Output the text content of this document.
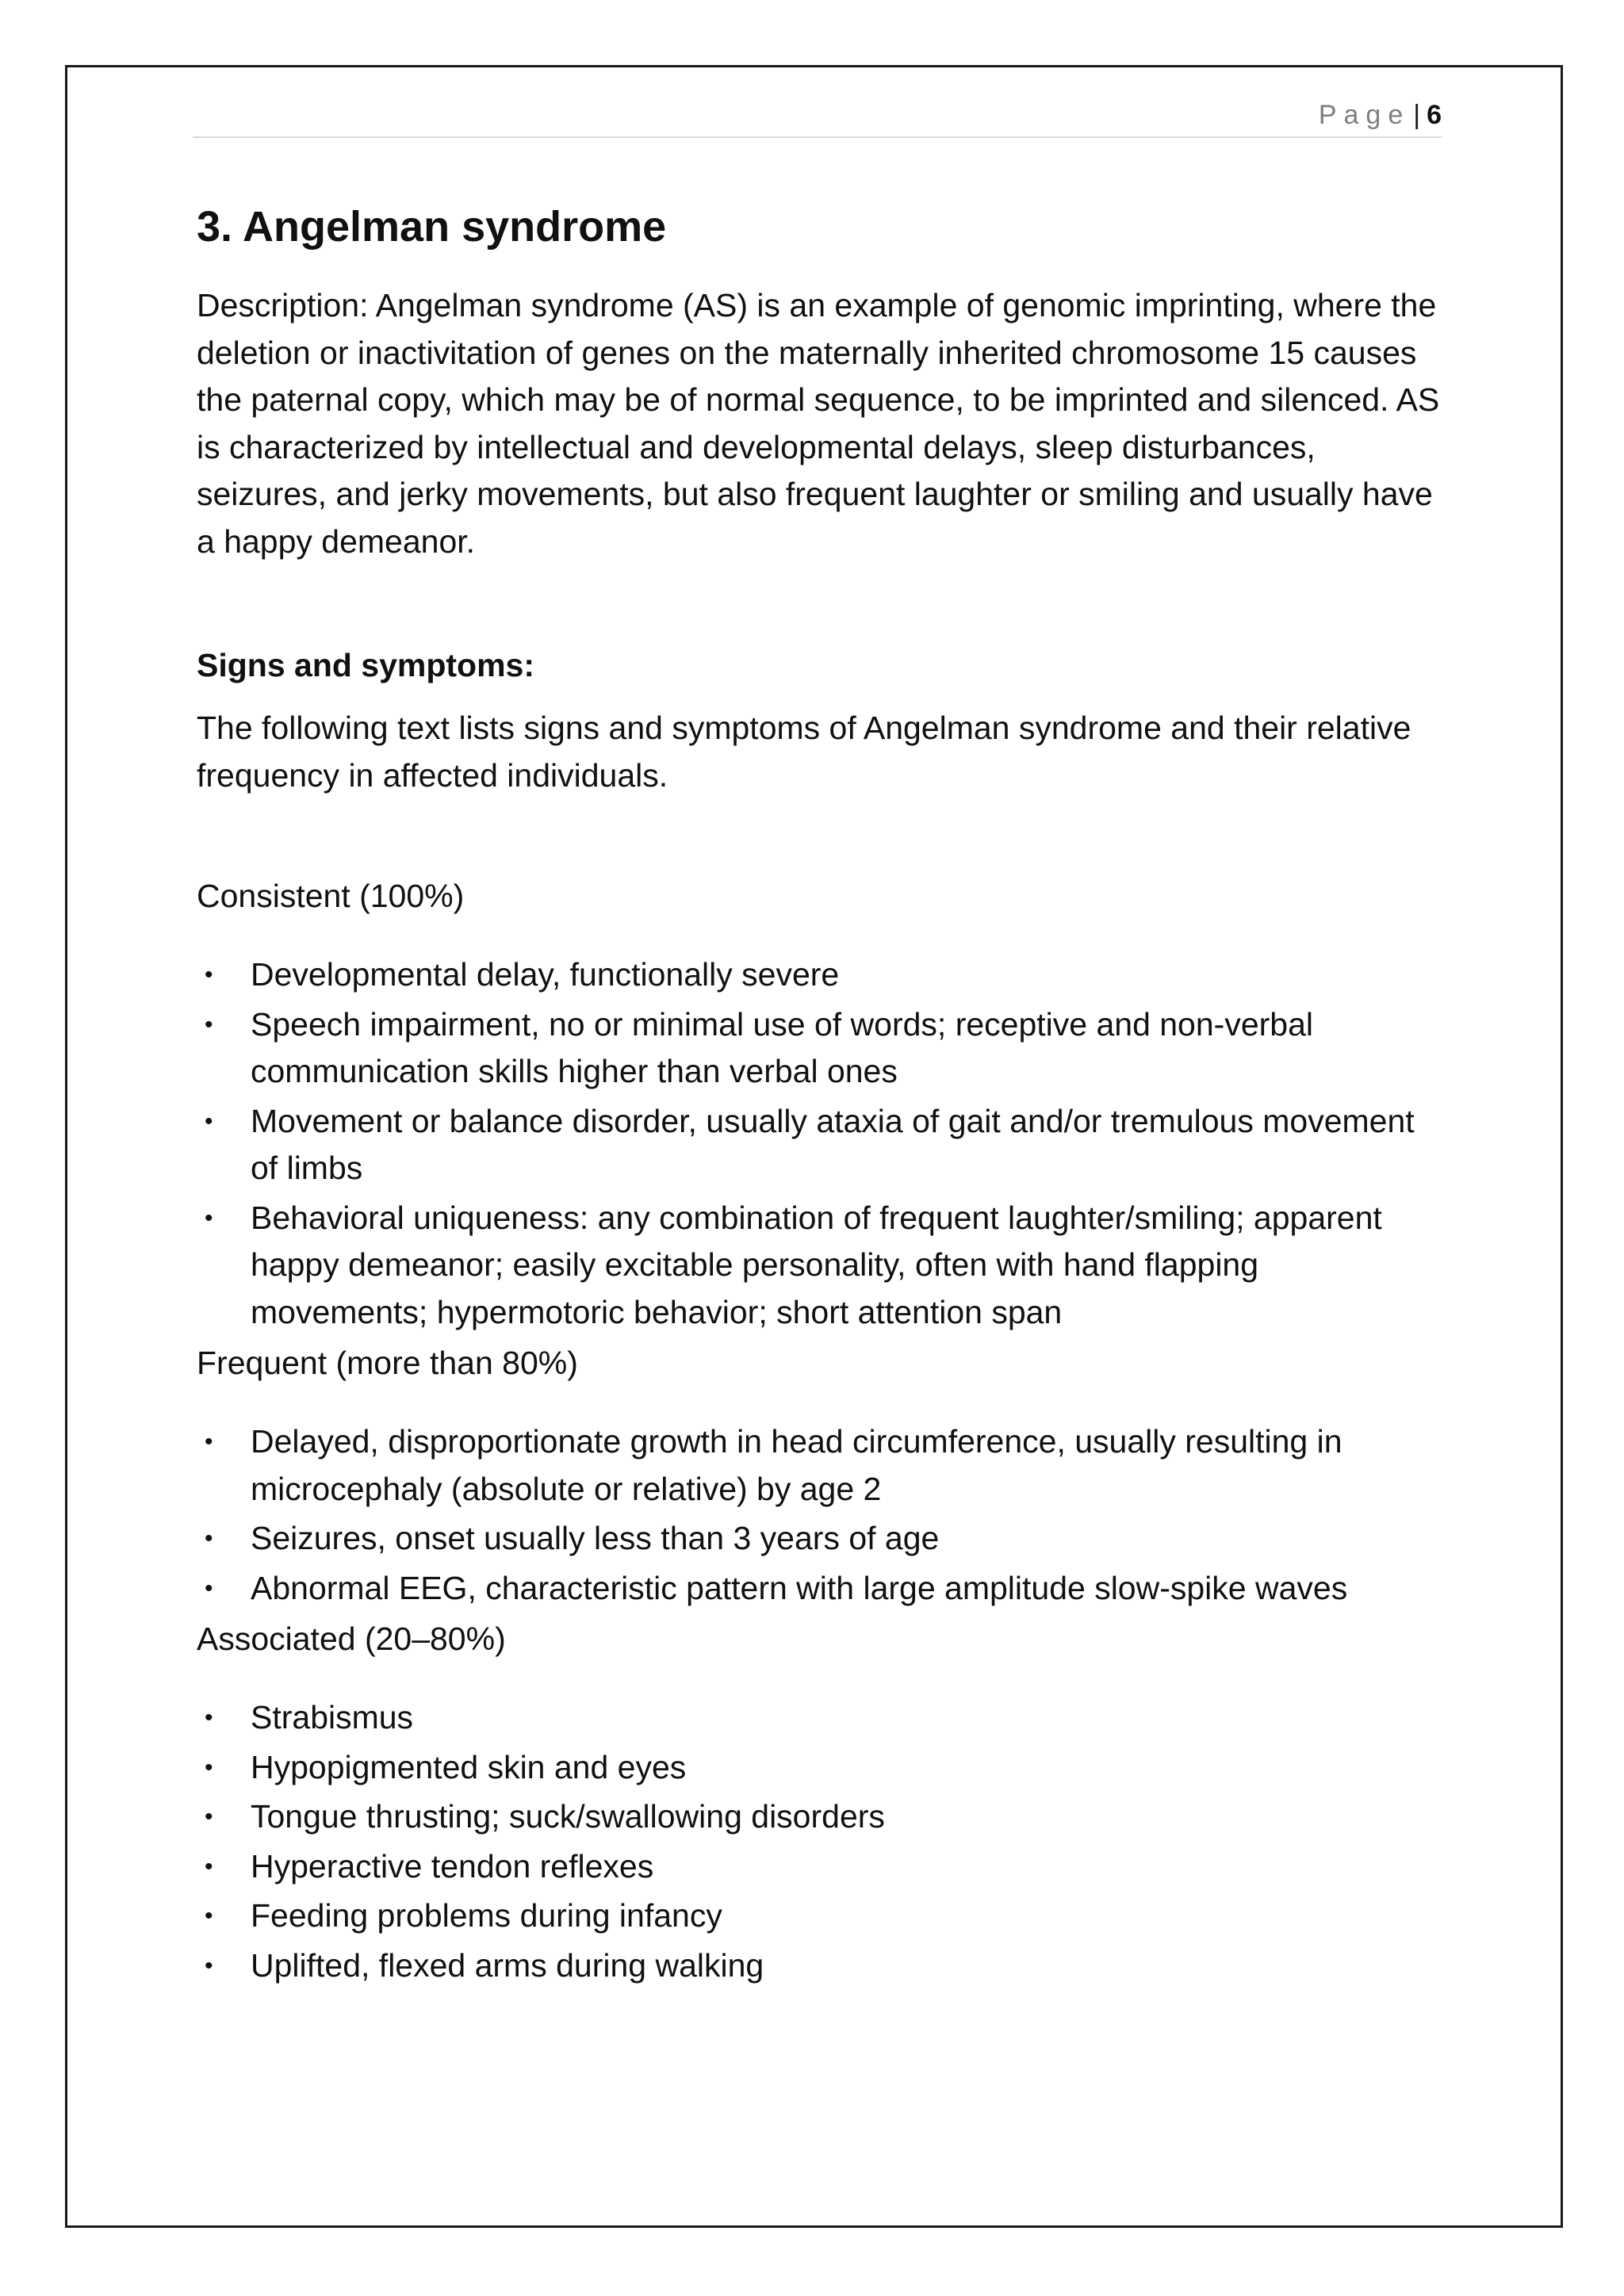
Page | 6
3. Angelman syndrome

Description: Angelman syndrome (AS) is an example of genomic imprinting, where the deletion or inactivitation of genes on the maternally inherited chromosome 15 causes the paternal copy, which may be of normal sequence, to be imprinted and silenced. AS is characterized by intellectual and developmental delays, sleep disturbances, seizures, and jerky movements, but also frequent laughter or smiling and usually have a happy demeanor.

Signs and symptoms:

The following text lists signs and symptoms of Angelman syndrome and their relative frequency in affected individuals.

Consistent (100%)
• Developmental delay, functionally severe
• Speech impairment, no or minimal use of words; receptive and non-verbal communication skills higher than verbal ones
• Movement or balance disorder, usually ataxia of gait and/or tremulous movement of limbs
• Behavioral uniqueness: any combination of frequent laughter/smiling; apparent happy demeanor; easily excitable personality, often with hand flapping movements; hypermotoric behavior; short attention span
Frequent (more than 80%)
• Delayed, disproportionate growth in head circumference, usually resulting in microcephaly (absolute or relative) by age 2
• Seizures, onset usually less than 3 years of age
• Abnormal EEG, characteristic pattern with large amplitude slow-spike waves
Associated (20–80%)
• Strabismus
• Hypopigmented skin and eyes
• Tongue thrusting; suck/swallowing disorders
• Hyperactive tendon reflexes
• Feeding problems during infancy
• Uplifted, flexed arms during walking
